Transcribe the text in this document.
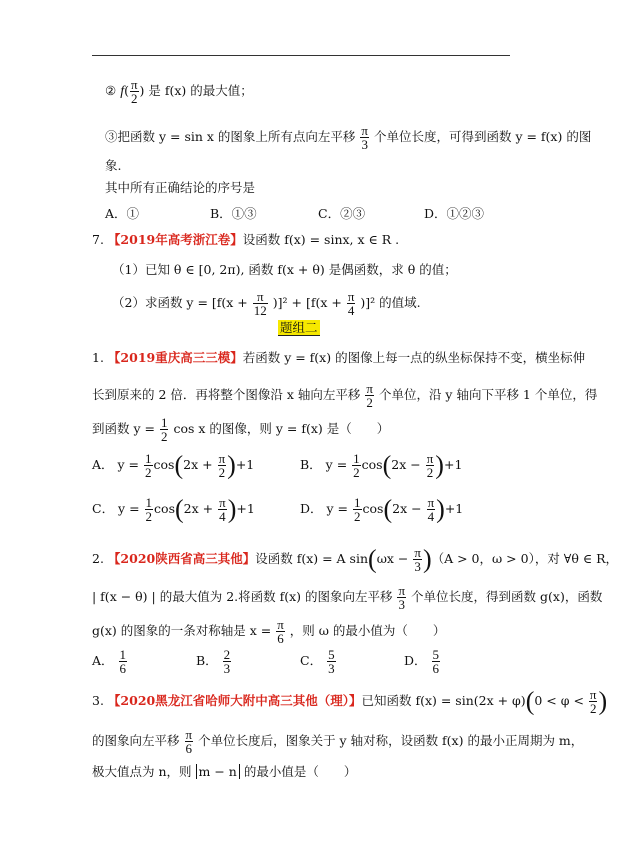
② $f( \frac{\pi}{2}$ ) 是 f(x) 的最大值；
③把函数 y = sin x 的图象上所有点向左平移 $\frac{\pi}{3}$ 个单位长度，可得到函数 y = f(x) 的图
象.
其中所有正确结论的序号是
A．①	B．①③	C．②③	D．①②③
7. 【2019年高考浙江卷】设函数 f(x) = sinx, x ∈ R .
（1）已知 θ ∈ [0, 2π), 函数 f(x + θ) 是偶函数，求 θ 的值；
（2）求函数 $y = [f(x + \frac{\pi}{12} )]^2 + [f(x + \frac{\pi}{4} )]^2$ 的值域.
题组二
1. 【2019重庆高三三模】若函数 y = f(x) 的图像上每一点的纵坐标保持不变，横坐标伸
长到原来的 2 倍．再将整个图像沿 x 轴向左平移 $\frac{\pi}{2}$ 个单位，沿 y 轴向下平移 1 个单位，得
到函数 $y = \frac{1}{2}$ cos x 的图像，则 y = f(x) 是（　　）
A． $y = \frac{1}{2} \cos(2x + \frac{\pi}{2} )+1$	B． $y = \frac{1}{2} \cos(2x - \frac{\pi}{2} )+1$
C． $y = \frac{1}{2} \cos(2x + \frac{\pi}{4} )+1$	D． $y = \frac{1}{2} \cos(2x - \frac{\pi}{4} )+1$
2. 【2020陕西省高三其他】设函数 f(x) = A $\sin(\omega x - \frac{\pi}{3} )(A > 0$，ω > 0），对 ∀θ ∈ R，
| f(x − θ) | 的最大值为 2.将函数 f(x) 的图象向左平移 $\frac{\pi}{3}$ 个单位长度，得到函数 g(x)，函数
g(x) 的图象的一条对称轴是 $x = \frac{\pi}{6}$ ，则 ω 的最小值为（　　）
A． $\frac{1}{6}$	B． $\frac{2}{3}$	C． $\frac{5}{3}$	D． $\frac{5}{6}$
3. 【2020黑龙江省哈师大附中高三其他（理）】已知函数 $f(x) = \sin(2x + \varphi)(0 < \varphi < \frac{\pi}{2}$ )
的图象向左平移 $\frac{\pi}{6}$ 个单位长度后，图象关于 y 轴对称，设函数 f(x) 的最小正周期为 m，
极大值点为 n，则 m − n 的最小值是（　　）
